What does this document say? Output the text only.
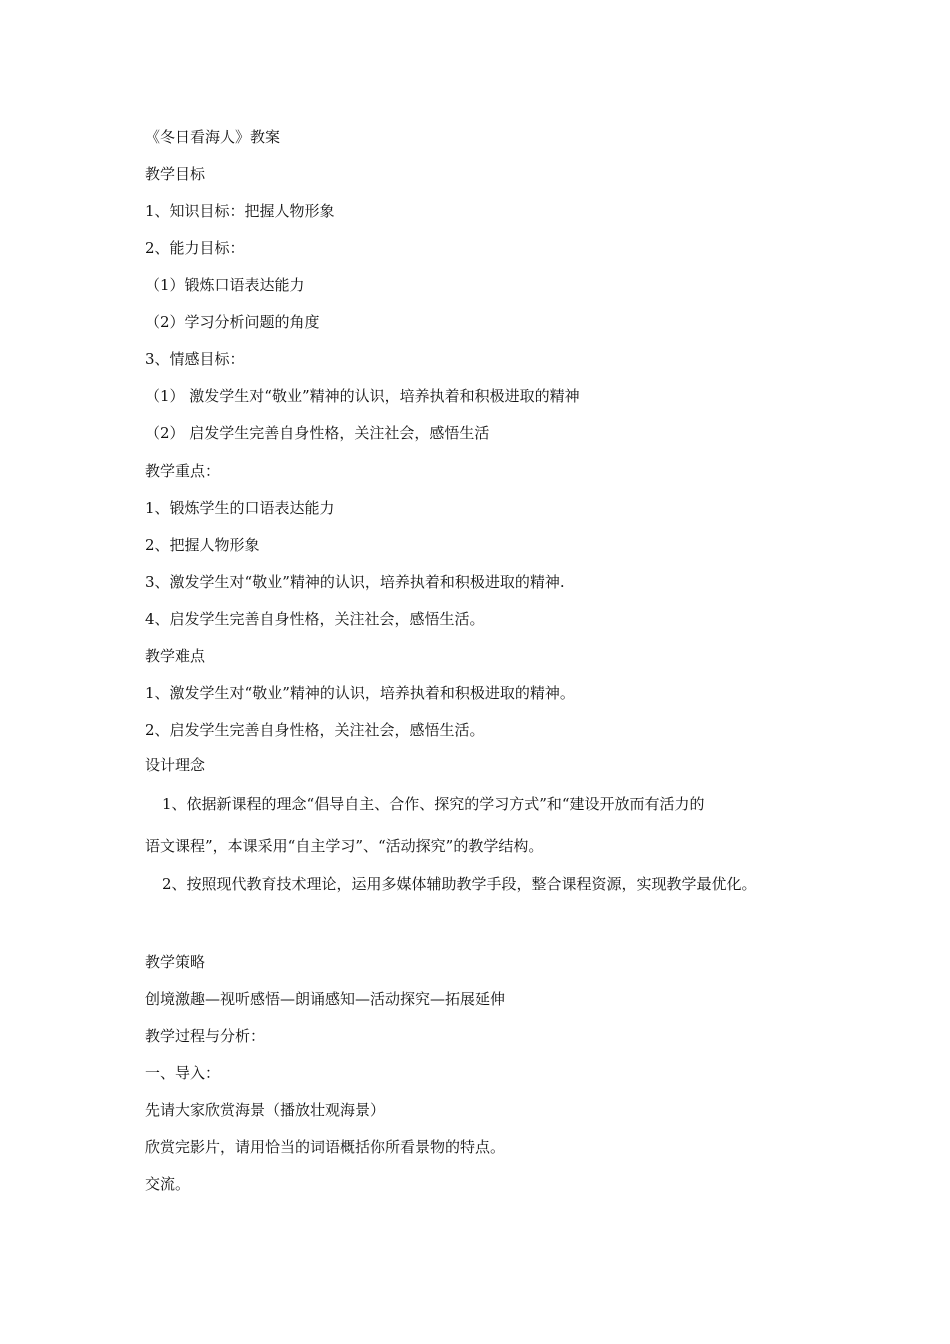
《冬日看海人》教案
教学目标
1、知识目标：把握人物形象
2、能力目标：
（1）锻炼口语表达能力
（2）学习分析问题的角度
3、情感目标：
（1） 激发学生对“敬业”精神的认识，培养执着和积极进取的精神
（2） 启发学生完善自身性格，关注社会，感悟生活
教学重点：
1、锻炼学生的口语表达能力
2、把握人物形象
3、激发学生对“敬业”精神的认识，培养执着和积极进取的精神.
4、启发学生完善自身性格，关注社会，感悟生活。
教学难点
1、激发学生对“敬业”精神的认识，培养执着和积极进取的精神。
2、启发学生完善自身性格，关注社会，感悟生活。
设计理念
1、依据新课程的理念“倡导自主、合作、探究的学习方式”和“建设开放而有活力的
语文课程”，本课采用“自主学习”、“活动探究”的教学结构。
2、按照现代教育技术理论，运用多媒体辅助教学手段，整合课程资源，实现教学最优化。
教学策略
创境激趣—视听感悟—朗诵感知—活动探究—拓展延伸
教学过程与分析：
一、导入：
先请大家欣赏海景（播放壮观海景）
欣赏完影片，请用恰当的词语概括你所看景物的特点。
交流。
